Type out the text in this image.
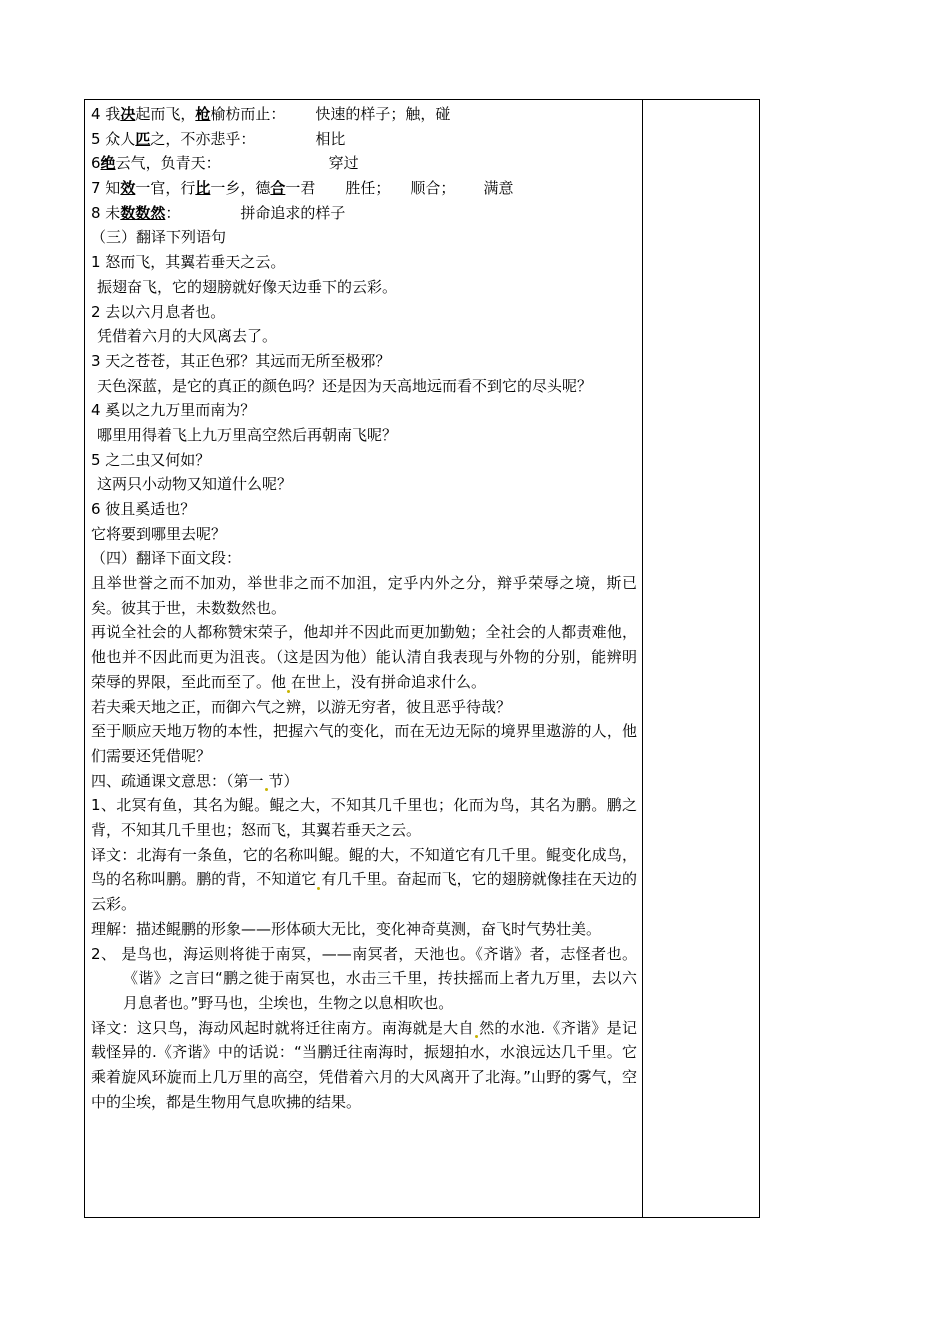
4 我决起而飞，枪榆枋而止： 快速的样子；触，碰
5 众人匹之，不亦悲乎：	相比
6绝云气，负青天：	穿过
7 知效一官，行比一乡，德合一君 胜任； 顺合； 满意
8 未数数然：	拼命追求的样子
（三）翻译下列语句
1 怒而飞，其翼若垂天之云。
振翅奋飞，它的翅膀就好像天边垂下的云彩。
2 去以六月息者也。
凭借着六月的大风离去了。
3 天之苍苍，其正色邪？其远而无所至极邪？
天色深蓝，是它的真正的颜色吗？还是因为天高地远而看不到它的尽头呢？
4 奚以之九万里而南为？
哪里用得着飞上九万里高空然后再朝南飞呢？
5 之二虫又何如？
这两只小动物又知道什么呢？
6 彼且奚适也？
它将要到哪里去呢？
（四）翻译下面文段：
且举世誉之而不加劝，举世非之而不加沮，定乎内外之分，辩乎荣辱之境，斯已矣。彼其于世，未数数然也。
再说全社会的人都称赞宋荣子，他却并不因此而更加勤勉；全社会的人都责难他，他也并不因此而更为沮丧。（这是因为他）能认清自我表现与外物的分别，能辨明荣辱的界限，至此而至了。他 在世上，没有拼命追求什么。
若夫乘天地之正，而御六气之辨，以游无穷者，彼且恶乎待哉？
至于顺应天地万物的本性，把握六气的变化，而在无边无际的境界里遨游的人，他们需要还凭借呢？
四、疏通课文意思：（第一 节）
1、北冥有鱼，其名为鲲。鲲之大，不知其几千里也；化而为鸟，其名为鹏。鹏之背，不知其几千里也；怒而飞，其翼若垂天之云。
译文：北海有一条鱼，它的名称叫鲲。鲲的大，不知道它有几千里。鲲变化成鸟，鸟的名称叫鹏。鹏的背，不知道它 有几千里。奋起而飞，它的翅膀就像挂在天边的云彩。
理解：描述鲲鹏的形象——形体硕大无比，变化神奇莫测，奋飞时气势壮美。
2、 是鸟也，海运则将徙于南冥，——南冥者，天池也。《齐谐》者，志怪者也。《谐》之言曰“鹏之徙于南冥也，水击三千里，抟扶摇而上者九万里，去以六月息者也。”野马也，尘埃也，生物之以息相吹也。
译文：这只鸟，海动风起时就将迁往南方。南海就是大自 然的水池.《齐谐》是记载怪异的.《齐谐》中的话说：“当鹏迁往南海时，振翅拍水，水浪远达几千里。它乘着旋风环旋而上几万里的高空，凭借着六月的大风离开了北海。”山野的雾气，空中的尘埃，都是生物用气息吹拂的结果。
